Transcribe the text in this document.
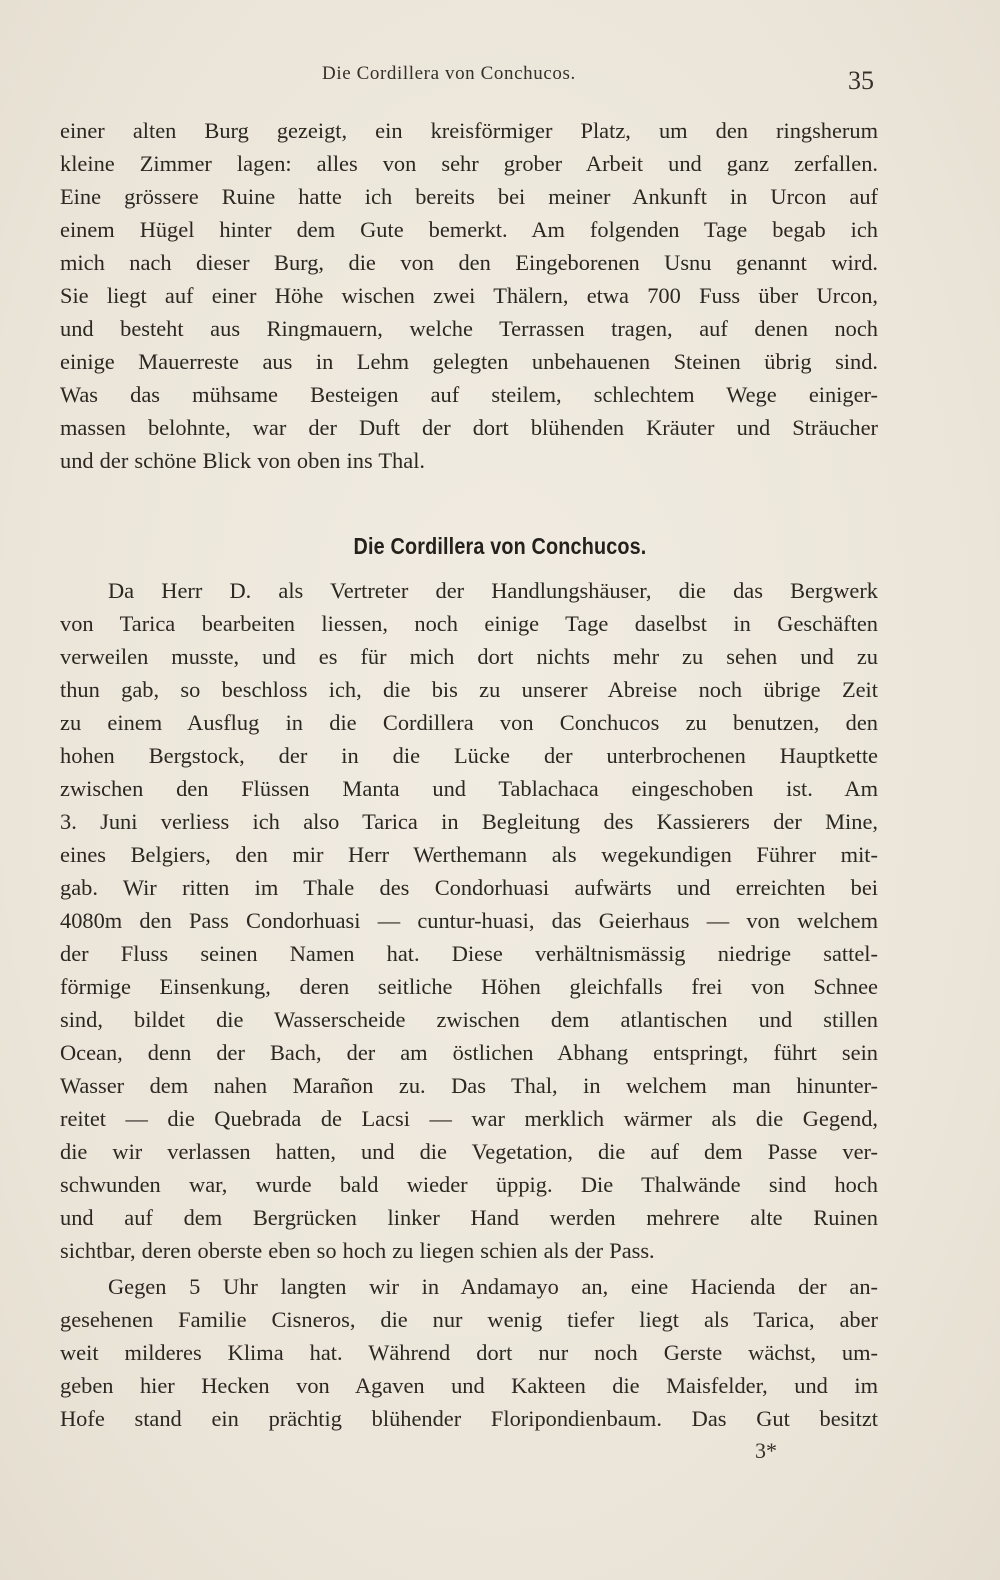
Die Cordillera von Conchucos.	35
einer alten Burg gezeigt, ein kreisförmiger Platz, um den ringsherum
kleine Zimmer lagen: alles von sehr grober Arbeit und ganz zerfallen.
Eine grössere Ruine hatte ich bereits bei meiner Ankunft in Urcon auf
einem Hügel hinter dem Gute bemerkt. Am folgenden Tage begab ich
mich nach dieser Burg, die von den Eingeborenen Usnu genannt wird.
Sie liegt auf einer Höhe wischen zwei Thälern, etwa 700 Fuss über Urcon,
und besteht aus Ringmauern, welche Terrassen tragen, auf denen noch
einige Mauerreste aus in Lehm gelegten unbehauenen Steinen übrig sind.
Was das mühsame Besteigen auf steilem, schlechtem Wege einiger-
massen belohnte, war der Duft der dort blühenden Kräuter und Sträucher
und der schöne Blick von oben ins Thal.
Die Cordillera von Conchucos.
Da Herr D. als Vertreter der Handlungshäuser, die das Bergwerk
von Tarica bearbeiten liessen, noch einige Tage daselbst in Geschäften
verweilen musste, und es für mich dort nichts mehr zu sehen und zu
thun gab, so beschloss ich, die bis zu unserer Abreise noch übrige Zeit
zu einem Ausflug in die Cordillera von Conchucos zu benutzen, den
hohen Bergstock, der in die Lücke der unterbrochenen Hauptkette
zwischen den Flüssen Manta und Tablachaca eingeschoben ist. Am
3. Juni verliess ich also Tarica in Begleitung des Kassierers der Mine,
eines Belgiers, den mir Herr Werthemann als wegekundigen Führer mit-
gab. Wir ritten im Thale des Condorhuasi aufwärts und erreichten bei
4080m den Pass Condorhuasi — cuntur-huasi, das Geierhaus — von welchem
der Fluss seinen Namen hat. Diese verhältnismässig niedrige sattel-
förmige Einsenkung, deren seitliche Höhen gleichfalls frei von Schnee
sind, bildet die Wasserscheide zwischen dem atlantischen und stillen
Ocean, denn der Bach, der am östlichen Abhang entspringt, führt sein
Wasser dem nahen Marañon zu. Das Thal, in welchem man hinunter-
reitet — die Quebrada de Lacsi — war merklich wärmer als die Gegend,
die wir verlassen hatten, und die Vegetation, die auf dem Passe ver-
schwunden war, wurde bald wieder üppig. Die Thalwände sind hoch
und auf dem Bergrücken linker Hand werden mehrere alte Ruinen
sichtbar, deren oberste eben so hoch zu liegen schien als der Pass.
Gegen 5 Uhr langten wir in Andamayo an, eine Hacienda der an-
gesehenen Familie Cisneros, die nur wenig tiefer liegt als Tarica, aber
weit milderes Klima hat. Während dort nur noch Gerste wächst, um-
geben hier Hecken von Agaven und Kakteen die Maisfelder, und im
Hofe stand ein prächtig blühender Floripondienbaum. Das Gut besitzt
3*
